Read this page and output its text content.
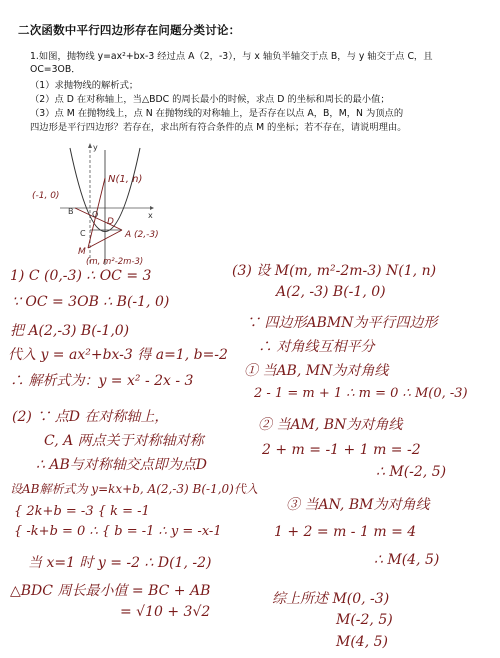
二次函数中平行四边形存在问题分类讨论：
1.如图，抛物线 y=ax²+bx-3 经过点 A（2，-3），与 x 轴负半轴交于点 B，与 y 轴交于点 C，且
OC=3OB．
（1）求抛物线的解析式；
（2）点 D 在对称轴上，当△BDC 的周长最小的时候，求点 D 的坐标和周长的最小值；
（3）点 M 在抛物线上，点 N 在抛物线的对称轴上，是否存在以点 A，B，M，N 为顶点的
四边形是平行四边形？若存在，求出所有符合条件的点 M 的坐标；若不存在，请说明理由。
y
x
O
B
C
D
M
N(1, n)
A (2,-3)
(m, m²-2m-3)
(-1, 0)
1) C (0,-3) ∴ OC = 3
∵ OC = 3OB ∴ B(-1, 0)
把 A(2,-3) B(-1,0)
代入 y = ax²+bx-3 得 a=1, b=-2
∴ 解析式为：y = x² - 2x - 3
(2) ∵ 点D 在对称轴上，
C, A 两点关于对称轴对称
∴ AB与对称轴交点即为点D
设AB解析式为 y=kx+b, A(2,-3) B(-1,0)代入
{ 2k+b = -3 { k = -1
{ -k+b = 0 ∴ { b = -1 ∴ y = -x-1
当 x=1 时 y = -2 ∴ D(1, -2)
△BDC 周长最小值 = BC + AB
= √10 + 3√2
(3) 设 M(m, m²-2m-3) N(1, n)
A(2, -3) B(-1, 0)
∵ 四边形ABMN为平行四边形
∴ 对角线互相平分
① 当AB, MN为对角线
2 - 1 = m + 1 ∴ m = 0 ∴ M(0, -3)
② 当AM, BN为对角线
2 + m = -1 + 1 m = -2
∴ M(-2, 5)
③ 当AN, BM为对角线
1 + 2 = m - 1 m = 4
∴ M(4, 5)
综上所述 M(0, -3)
M(-2, 5)
M(4, 5)
